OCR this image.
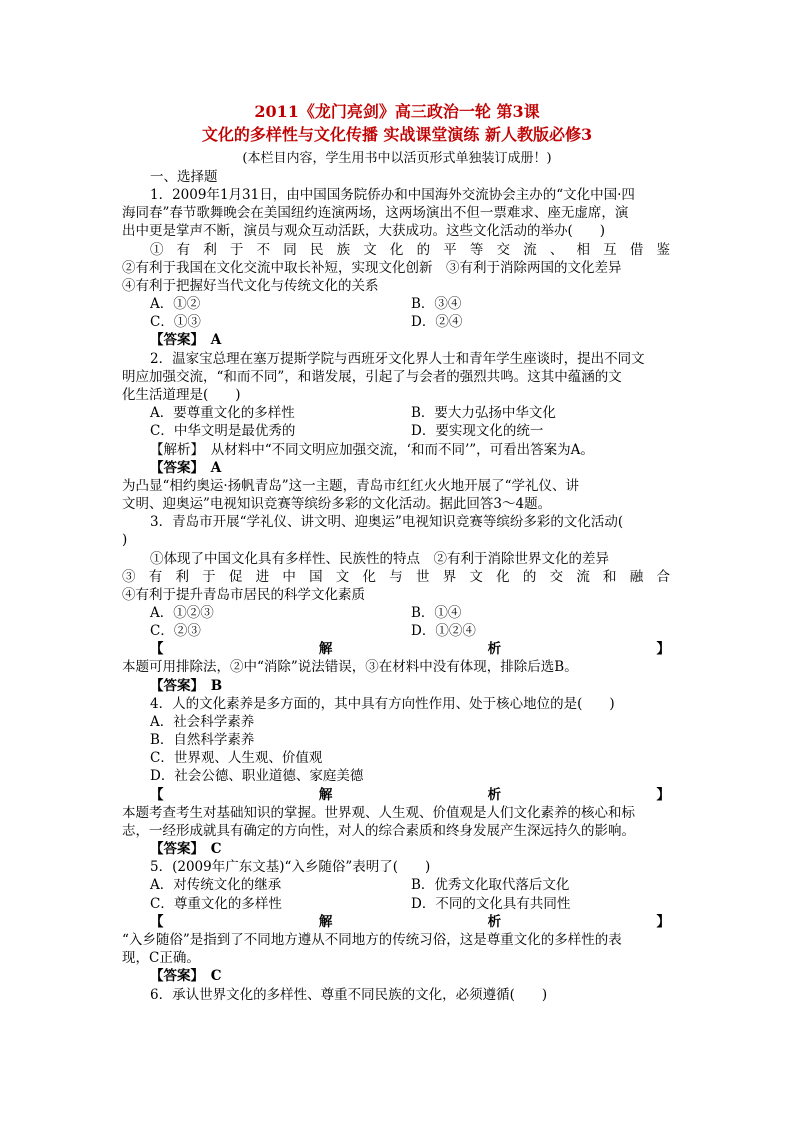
2011《龙门亮剑》高三政治一轮 第3课
文化的多样性与文化传播 实战课堂演练 新人教版必修3
(本栏目内容，学生用书中以活页形式单独装订成册！)
一、选择题
1．2009年1月31日，由中国国务院侨办和中国海外交流协会主办的“文化中国·四
海同春”春节歌舞晚会在美国纽约连演两场，这两场演出不但一票难求、座无虚席，演
出中更是掌声不断，演员与观众互动活跃，大获成功。这些文化活动的举办(　　)
①有利于不同民族文化的平等交流、相互借鉴
②有利于我国在文化交流中取长补短，实现文化创新　③有利于消除两国的文化差异
④有利于把握好当代文化与传统文化的关系
A．①②	B．③④
C．①③	D．②④
【答案】　A
2．温家宝总理在塞万提斯学院与西班牙文化界人士和青年学生座谈时，提出不同文
明应加强交流，“和而不同”，和谐发展，引起了与会者的强烈共鸣。这其中蕴涵的文
化生活道理是(　　)
A．要尊重文化的多样性	B．要大力弘扬中华文化
C．中华文明是最优秀的	D．要实现文化的统一
【解析】　从材料中“不同文明应加强交流，‘和而不同’”，可看出答案为A。
【答案】　A
为凸显“相约奥运·扬帆青岛”这一主题，青岛市红红火火地开展了“学礼仪、讲
文明、迎奥运”电视知识竞赛等缤纷多彩的文化活动。据此回答3～4题。
3．青岛市开展“学礼仪、讲文明、迎奥运”电视知识竞赛等缤纷多彩的文化活动(
)
①体现了中国文化具有多样性、民族性的特点　②有利于消除世界文化的差异
③有利于促进中国文化与世界文化的交流和融合
④有利于提升青岛市居民的科学文化素质
A．①②③	B．①④
C．②③	D．①②④
【　　　　　　　　解　　　　　　　　析　　　　　　　　】
本题可用排除法，②中“消除”说法错误，③在材料中没有体现，排除后选B。
【答案】　B
4．人的文化素养是多方面的，其中具有方向性作用、处于核心地位的是(　　)
A．社会科学素养
B．自然科学素养
C．世界观、人生观、价值观
D．社会公德、职业道德、家庭美德
【　　　　　　　　解　　　　　　　　析　　　　　　　　】
本题考查考生对基础知识的掌握。世界观、人生观、价值观是人们文化素养的核心和标
志，一经形成就具有确定的方向性，对人的综合素质和终身发展产生深远持久的影响。
【答案】　C
5．(2009年广东文基)“入乡随俗”表明了(　　)
A．对传统文化的继承	B．优秀文化取代落后文化
C．尊重文化的多样性	D．不同的文化具有共同性
【　　　　　　　　解　　　　　　　　析　　　　　　　　】
“入乡随俗”是指到了不同地方遵从不同地方的传统习俗，这是尊重文化的多样性的表
现，C正确。
【答案】　C
6．承认世界文化的多样性、尊重不同民族的文化，必须遵循(　　)
